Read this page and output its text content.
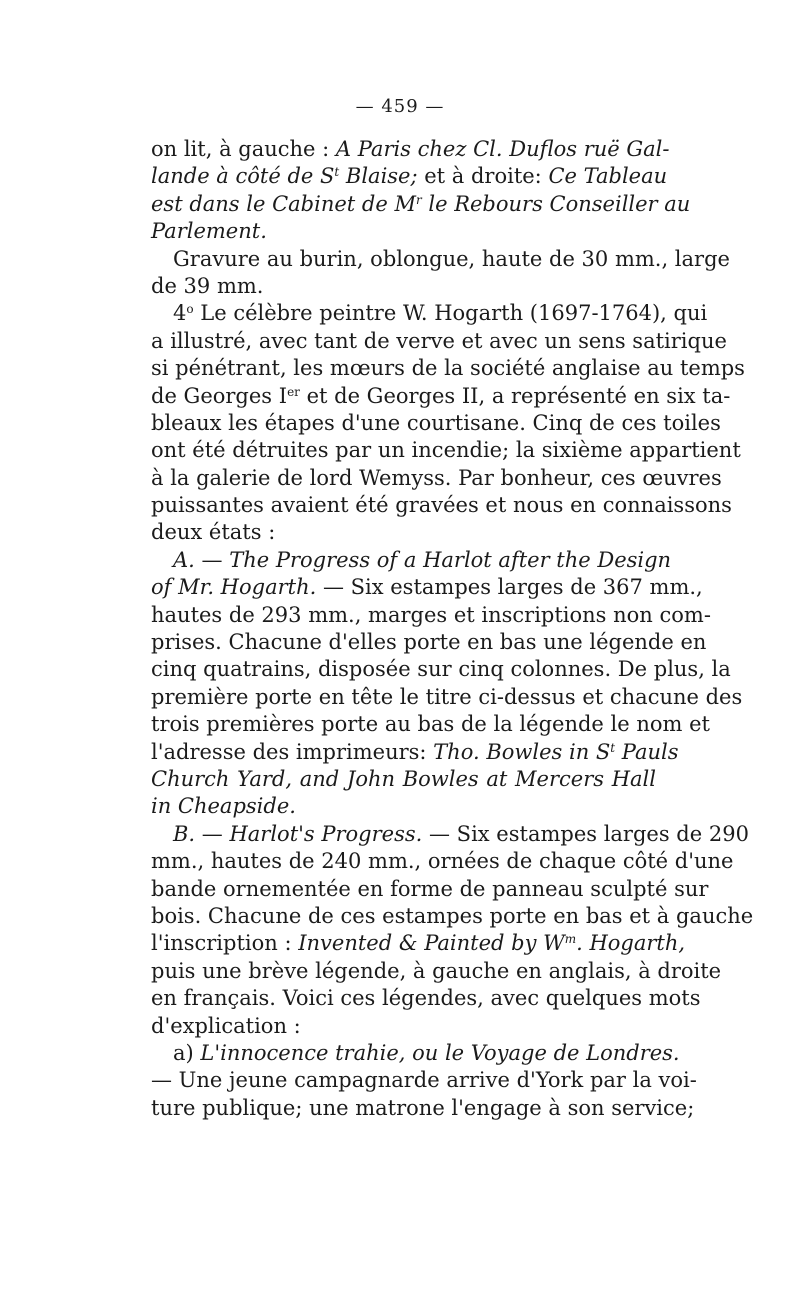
— 459 —
on lit, à gauche : A Paris chez Cl. Duflos ruë Gal-
lande à côté de $S^t$ Blaise; et à droite: Ce Tableau
est dans le Cabinet de $M^r$ le Rebours Conseiller au
Parlement.
Gravure au burin, oblongue, haute de 30 mm., large
de 39 mm.
4$^o$ Le célèbre peintre W. Hogarth (1697-1764), qui
a illustré, avec tant de verve et avec un sens satirique
si pénétrant, les mœurs de la société anglaise au temps
de Georges Ier et de Georges II, a représenté en six ta-
bleaux les étapes d'une courtisane. Cinq de ces toiles
ont été détruites par un incendie; la sixième appartient
à la galerie de lord Wemyss. Par bonheur, ces œuvres
puissantes avaient été gravées et nous en connaissons
deux états :
A. — The Progress of a Harlot after the Design
of Mr. Hogarth. — Six estampes larges de 367 mm.,
hautes de 293 mm., marges et inscriptions non com-
prises. Chacune d'elles porte en bas une légende en
cinq quatrains, disposée sur cinq colonnes. De plus, la
première porte en tête le titre ci-dessus et chacune des
trois premières porte au bas de la légende le nom et
l'adresse des imprimeurs: Tho. Bowles in $S^t$ Pauls
Church Yard, and John Bowles at Mercers Hall
in Cheapside.
B. — Harlot's Progress. — Six estampes larges de 290
mm., hautes de 240 mm., ornées de chaque côté d'une
bande ornementée en forme de panneau sculpté sur
bois. Chacune de ces estampes porte en bas et à gauche
l'inscription : Invented & Painted by $W^m$. Hogarth,
puis une brève légende, à gauche en anglais, à droite
en français. Voici ces légendes, avec quelques mots
d'explication :
a) L'innocence trahie, ou le Voyage de Londres.
— Une jeune campagnarde arrive d'York par la voi-
ture publique; une matrone l'engage à son service;
